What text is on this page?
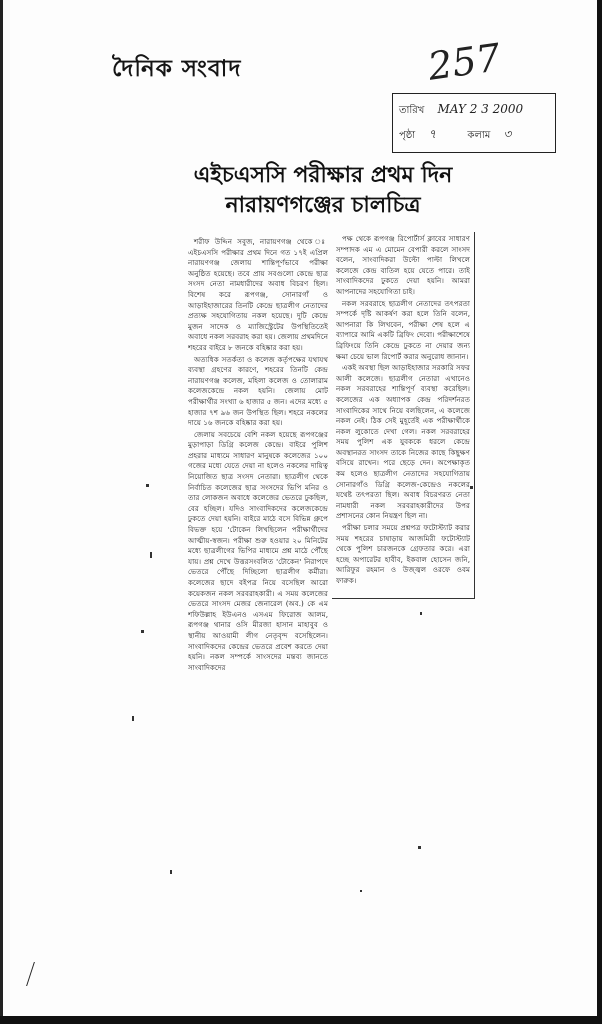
দৈনিক সংবাদ	257
তারিখ MAY 2 3 2000
পৃষ্ঠা ৭	কলাম ৩
এইচএসসি পরীক্ষার প্রথম দিন
নারায়ণগঞ্জের চালচিত্র

শরীফ উদ্দিন সবুজ, নারায়ণগঞ্জ থেকে ঃ এইচএসসি পরীক্ষার প্রথম দিনে গত ১৭ই এপ্রিল নারায়ণগঞ্জ জেলায় শান্তিপূর্ণভাবে পরীক্ষা অনুষ্ঠিত হয়েছে। তবে প্রায় সবগুলো কেন্দ্রে ছাত্র সংসদ নেতা নামধারীদের অবাধ বিচরণ ছিল। বিশেষ করে রূপগঞ্জ, সোনারগাঁ ও আড়াইহাজারের তিনটি কেন্দ্রে ছাত্রলীগ নেতাদের প্রত্যক্ষ সহযোগিতায় নকল হয়েছে। দুটি কেন্দ্রে মুজন সাদেক ও ম্যাজিস্ট্রেটের উপস্থিতিতেই অবাধে নকল সরবরাহ করা হয়। জেলায় প্রথমদিনে শহরের বাইরে ৮ জনকে বহিষ্কার করা হয়।

অত্যধিক সতর্কতা ও কলেজ কর্তৃপক্ষের যথাযথ ব্যবস্থা গ্রহণের কারণে, শহরের তিনটি কেন্দ্র নারায়ণগঞ্জ কলেজ, মহিলা কলেজ ও তোলারাম কলেজকেন্দ্রে নকল হয়নি। জেলায় মোট পরীক্ষার্থীর সংখ্যা ৬ হাজার ৫ জন। এদের মধ্যে ৫ হাজার ৭শ ৯৬ জন উপস্থিত ছিল। শহরে নকলের দায়ে ১৬ জনকে বহিষ্কার করা হয়।

জেলায় সবচেয়ে বেশি নকল হয়েছে রূপগঞ্জের মুড়াপাড়া ডিগ্রি কলেজ কেন্দ্রে। বাইরে পুলিশ প্রহরার মাধ্যমে সাধারণ মানুষকে কলেজের ১০০ গজের মধ্যে যেতে দেয়া না হলেও নকলের দায়িত্ব নিয়োজিত ছাত্র সংসদ নেতারা। ছাত্রলীগ থেকে নির্বাচিত কলেজের ছাত্র সংসদের ভিপি মনির ও তার লোকজন অবাধে কলেজের ভেতরে ঢুকছিল, বের হচ্ছিল। যদিও সাংবাদিকদের কলেজকেন্দ্রে ঢুকতে দেয়া হয়নি। বাইরে মাঠে বসে বিভিন্ন গ্রুপে বিভক্ত হয়ে 'টোকেন লিখছিলেন পরীক্ষার্থীদের আত্মীয়-স্বজন। পরীক্ষা শুরু হওয়ার ২০ মিনিটের মধ্যে ছাত্রলীগের ভিপির মাধ্যমে প্রশ্ন মাঠে পৌঁছে যায়। প্রশ্ন দেখে উত্তরসংবলিত 'টোকেন' নিরাপদে ভেতরে পৌঁছে দিচ্ছিলো ছাত্রলীগ কর্মীরা। কলেজের ছাদে বইপত্র নিয়ে বসেছিল আরো কয়েকজন নকল সরবরাহকারী। এ সময় কলেজের ভেতরে সাংসদ মেজর জেনারেল (অব.) কে এম শফিউল্লাহ ইউএনও এসএম ফিরোজ আলম, রূপগঞ্জ থানার ওসি মীরজা হাসান মাহাবুব ও স্থানীয় আওয়ামী লীগ নেতৃবৃন্দ বসেছিলেন। সাংবাদিকদের কেন্দ্রের ভেতরে প্রবেশ করতে দেয়া হয়নি। নকল সম্পর্কে সাংসদের মন্তব্য জানতে সাংবাদিকদের

পক্ষ থেকে রূপগঞ্জ রিপোর্টার্স ক্লাবের সাধারণ সম্পাদক এম এ মোমেন বেপারী করলে সাংসদ বলেন, সাংবাদিকরা উল্টো পাল্টা লিখলে কলেজে কেন্দ্র বাতিল হয়ে যেতে পারে। তাই সাংবাদিকদের ঢুকতে দেয়া হয়নি। আমরা আপনাদের সহযোগিতা চাই।

নকল সরবরাহে ছাত্রলীগ নেতাদের তৎপরতা সম্পর্কে দৃষ্টি আকর্ষণ করা হলে তিনি বলেন, আপনারা কি লিখবেন, পরীক্ষা শেষ হলে এ ব্যাপারে আমি একটি ব্রিফিং দেবো। পরীক্ষাশেষে ব্রিফিংয়ে তিনি কেন্দ্রে ঢুকতে না দেয়ার জন্য ক্ষমা চেয়ে ভাল রিপোর্ট করার অনুরোধ জানান।

একই অবস্থা ছিল আড়াইহাজার সরকারি সফর আলী কলেজে। ছাত্রলীগ নেতারা এখানেও নকল সরবরাহের শান্তিপূর্ণ ব্যবস্থা করেছিল। কলেজের এক অধ্যাপক কেন্দ্র পরিদর্শনরত সাংবাদিকের সাথে নিয়ে বলছিলেন, এ কলেজে নকল নেই। ঠিক সেই মুহূর্তেই এক পরীক্ষার্থীকে নকল লুকোতে দেখা গেল। নকল সরবরাহের সময় পুলিশ এক যুবককে ধরলে কেন্দ্রে অবস্থানরত সাংসদ তাকে নিজের কাছে কিছুক্ষণ বসিয়ে রাখেন। পরে ছেড়ে দেন। অপেক্ষাকৃত কম হলেও ছাত্রলীগ নেতাদের সহযোগিতায় সোনারগাঁও ডিগ্রি কলেজ-কেন্দ্রেও নকলের যথেষ্ট তৎপরতা ছিল। অবাধ বিচরণরত নেতা নামধারী নকল সরবরাহকারীদের উপর প্রশাসনের কোন নিয়ন্ত্রণ ছিল না।

পরীক্ষা চলার সময়ে প্রশ্নপত্র ফটোস্ট্যাট করার সময় শহরের চাষাড়ায় আজমিরী ফটোস্ট্যাট থেকে পুলিশ চারজনকে গ্রেফতার করে। এরা হচ্ছে অপারেটর হাবীব, ইকবাল হোসেন জনি, আরিফুর রহমান ও উজ্জ্বল ওরফে ওবম ফারুক।
